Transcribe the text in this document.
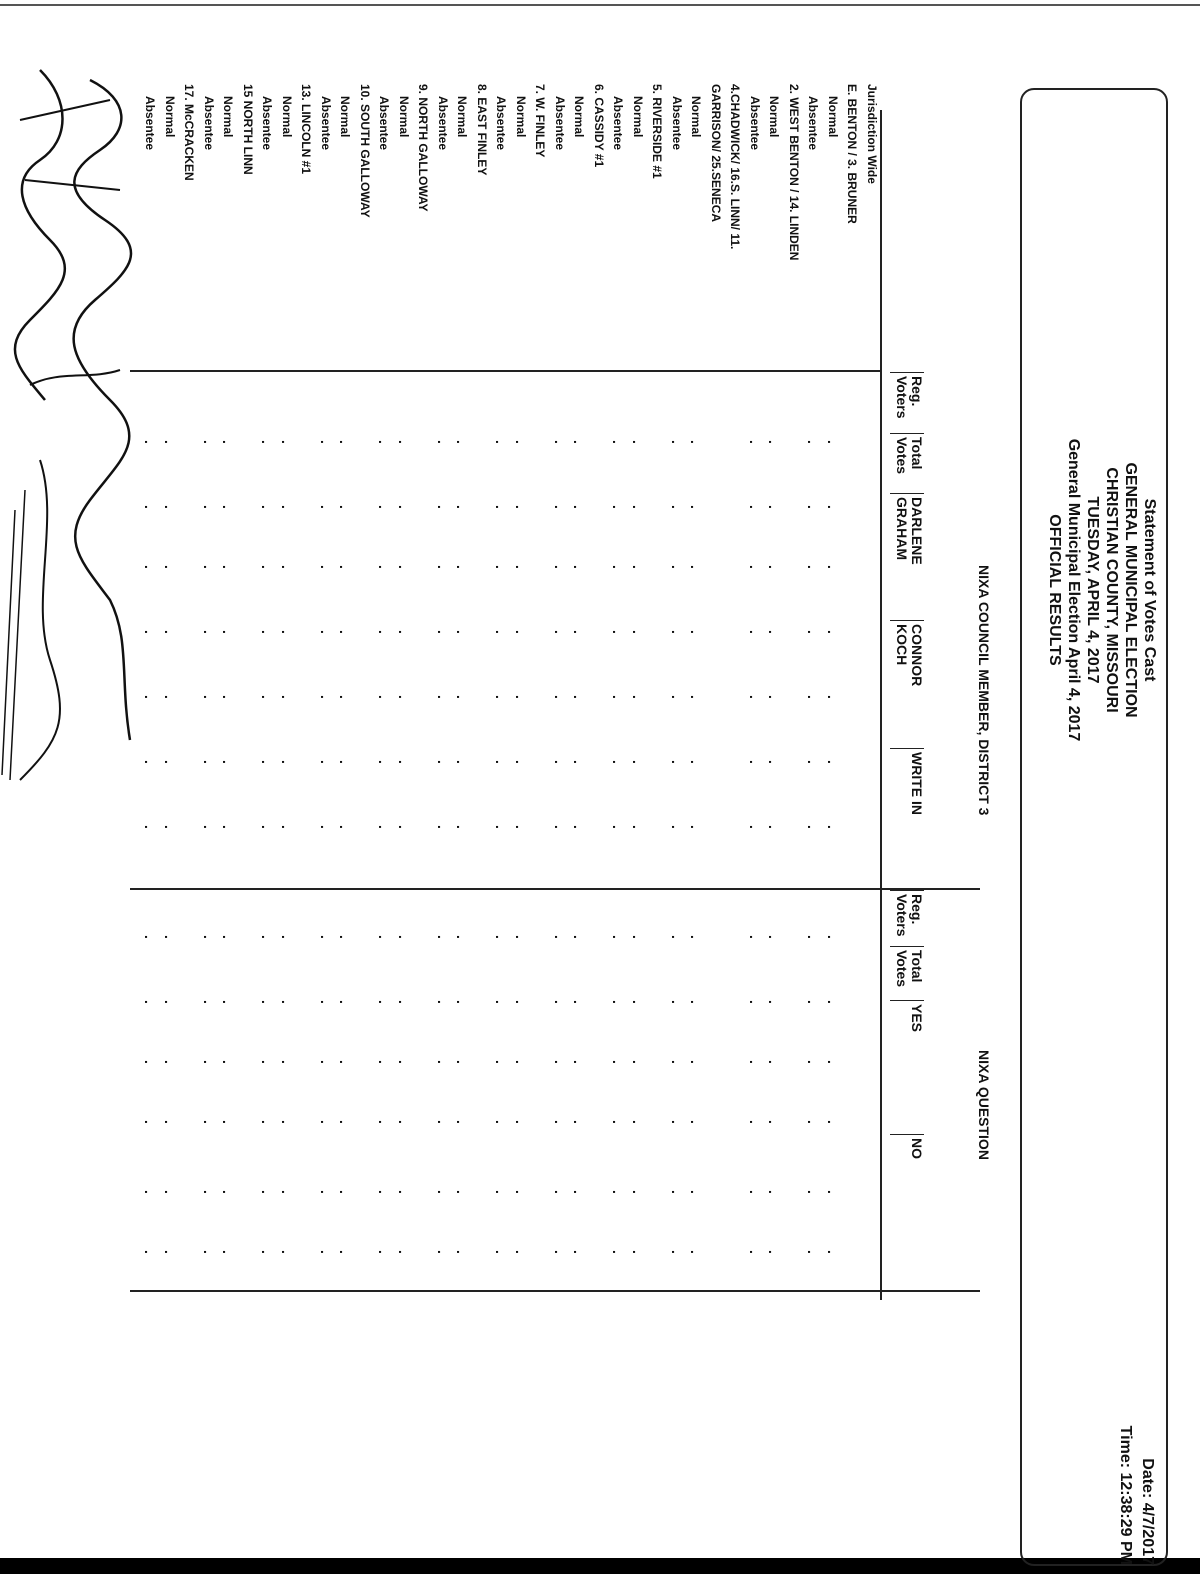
Statement of Votes Cast
GENERAL MUNICIPAL ELECTION
CHRISTIAN COUNTY, MISSOURI
TUESDAY, APRIL 4, 2017
General Municipal Election April 4, 2017
OFFICIAL RESULTS
Date: 4/7/2017
Time: 12:38:29 PM
NIXA COUNCIL MEMBER, DISTRICT 3
NIXA QUESTION
Reg.
Voters
Total
Votes
DARLENE
GRAHAM
CONNOR
KOCH
WRITE IN
Reg.
Voters
Total
Votes
YES
NO
Jurisdiction Wide
E. BENTON / 3. BRUNER
Normal
Absentee
2. WEST BENTON / 14. LINDEN
Normal
Absentee
4.CHADWICK/ 16.S. LINN/ 11.
GARRISON/ 25.SENECA
Normal
Absentee
5. RIVERSIDE #1
Normal
Absentee
6. CASSIDY #1
Normal
Absentee
7. W. FINLEY
Normal
Absentee
8. EAST FINLEY
Normal
Absentee
9. NORTH GALLOWAY
Normal
Absentee
10. SOUTH GALLOWAY
Normal
Absentee
13. LINCOLN #1
Normal
Absentee
15 NORTH LINN
Normal
Absentee
17. McCRACKEN
Normal
Absentee
.
.
.
.
.
.
.
.
.
.
.
.
.
.
.
.
.
.
.
.
.
.
.
.
.
.
.
.
.
.
.
.
.
.
.
.
.
.
.
.
.
.
.
.
.
.
.
.
.
.
.
.
.
.
.
.
.
.
.
.
.
.
.
.
.
.
.
.
.
.
.
.
.
.
.
.
.
.
.
.
.
.
.
.
.
.
.
.
.
.
.
.
.
.
.
.
.
.
.
.
.
.
.
.
.
.
.
.
.
.
.
.
.
.
.
.
.
.
.
.
.
.
.
.
.
.
.
.
.
.
.
.
.
.
.
.
.
.
.
.
.
.
.
.
.
.
.
.
.
.
.
.
.
.
.
.
.
.
.
.
.
.
.
.
.
.
.
.
.
.
.
.
.
.
.
.
.
.
.
.
.
.
.
.
.
.
.
.
.
.
.
.
.
.
.
.
.
.
.
.
.
.
.
.
.
.
.
.
.
.
.
.
.
.
.
.
.
.
.
.
.
.
.
.
.
.
.
.
.
.
.
.
.
.
.
.
.
.
.
.
.
.
.
.
.
.
.
.
.
.
.
.
.
.
.
.
.
.
.
.
.
.
.
.
.
.
.
.
.
.
.
.
.
.
.
.
.
.
.
.
.
.
.
.
.
.
.
.
.
.
.
.
.
.
.
.
.
.
.
.
.
.
.
.
.
.
.
.
.
.
.
.
